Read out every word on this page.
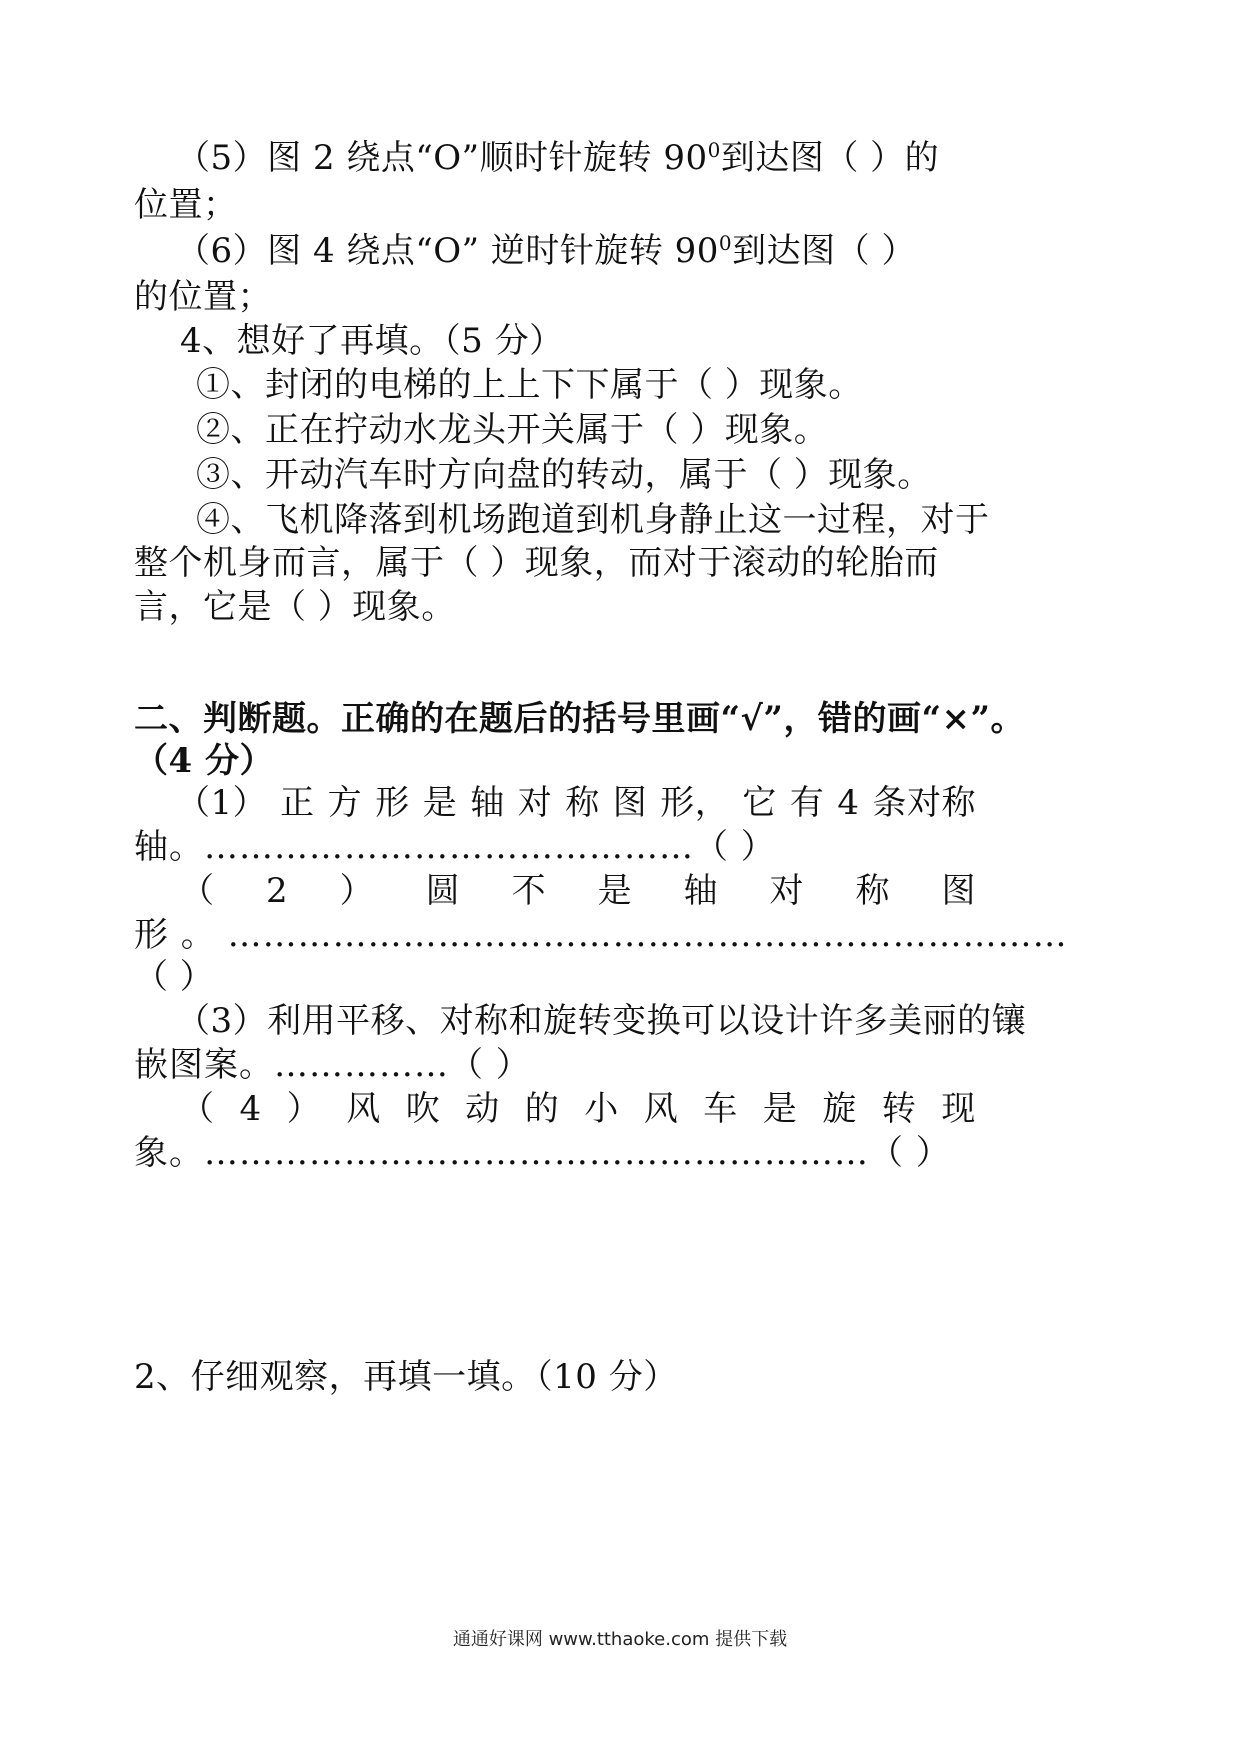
（5）图 2 绕点“O”顺时针旋转 $90^0$到达图（ ）的
位置；
（6）图 4 绕点“O” 逆时针旋转 $90^0$到达图（ ）
的位置；
4、想好了再填。（5 分）
①、封闭的电梯的上上下下属于（ ）现象。
②、正在拧动水龙头开关属于（ ）现象。
③、开动汽车时方向盘的转动，属于（ ）现象。
④、飞机降落到机场跑道到机身静止这一过程，对于
整个机身而言，属于（ ）现象，而对于滚动的轮胎而
言，它是（ ）现象。
二、判断题。正确的在题后的括号里画“√”，错的画“×”。
（4 分）
（1） 正 方 形 是 轴 对 称 图 形， 它 有 4 条对称
轴。……………………………………（ ）
（ 2 ） 圆 不 是 轴 对 称 图
形 。 ………………………………………………………………
（ ）
（3）利用平移、对称和旋转变换可以设计许多美丽的镶
嵌图案。……………（ ）
（ 4 ） 风 吹 动 的 小 风 车 是 旋 转 现
象。…………………………………………………（ ）
2、仔细观察，再填一填。（10 分）
通通好课网 www.tthaoke.com 提供下载
